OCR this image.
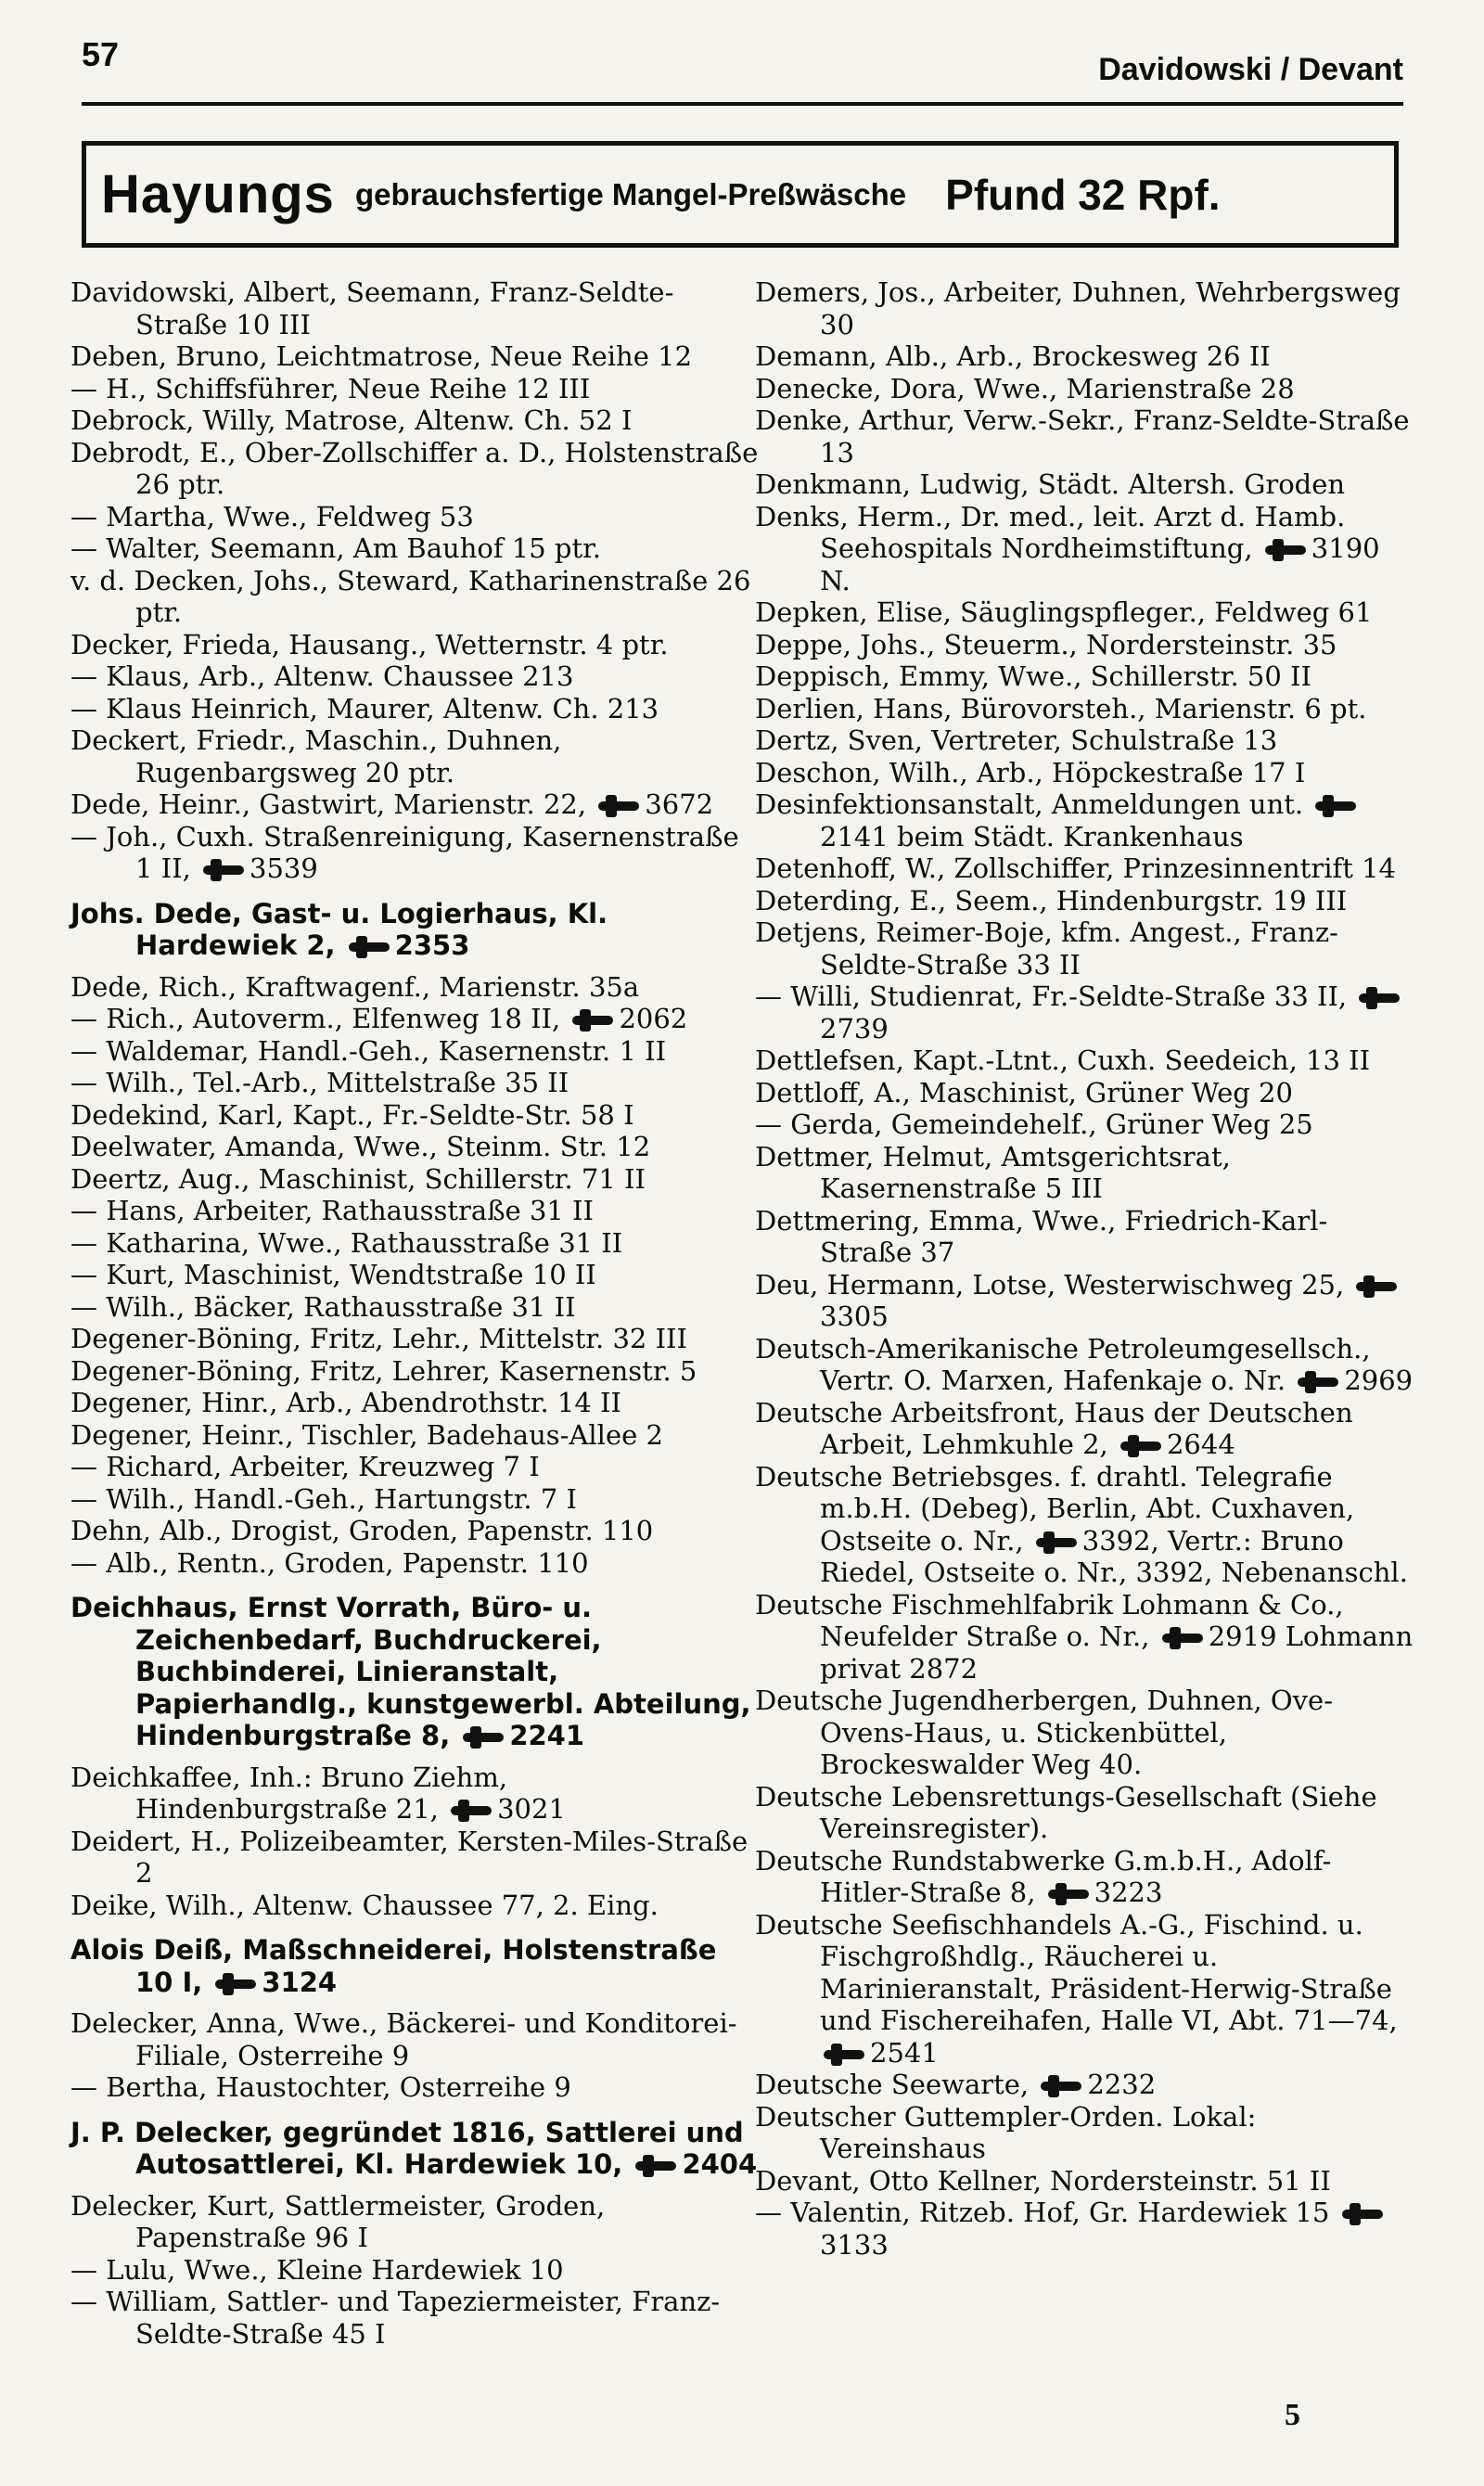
57	Davidowski / Devant
Hayungs gebrauchsfertige Mangel-Preßwäsche Pfund 32 Rpf.
Davidowski, Albert, Seemann, Franz-Seldte-Straße 10 III
Deben, Bruno, Leichtmatrose, Neue Reihe 12
— H., Schiffsführer, Neue Reihe 12 III
Debrock, Willy, Matrose, Altenw. Ch. 52 I
Debrodt, E., Ober-Zollschiffer a. D., Holstenstraße 26 ptr.
— Martha, Wwe., Feldweg 53
— Walter, Seemann, Am Bauhof 15 ptr.
v. d. Decken, Johs., Steward, Katharinenstraße 26 ptr.
Decker, Frieda, Hausang., Wetternstr. 4 ptr.
— Klaus, Arb., Altenw. Chaussee 213
— Klaus Heinrich, Maurer, Altenw. Ch. 213
Deckert, Friedr., Maschin., Duhnen, Rugenbargsweg 20 ptr.
Dede, Heinr., Gastwirt, Marienstr. 22, 3672
— Joh., Cuxh. Straßenreinigung, Kasernenstraße 1 II, 3539
Johs. Dede, Gast- u. Logierhaus, Kl. Hardewiek 2, 2353
Dede, Rich., Kraftwagenf., Marienstr. 35a
— Rich., Autoverm., Elfenweg 18 II, 2062
— Waldemar, Handl.-Geh., Kasernenstr. 1 II
— Wilh., Tel.-Arb., Mittelstraße 35 II
Dedekind, Karl, Kapt., Fr.-Seldte-Str. 58 I
Deelwater, Amanda, Wwe., Steinm. Str. 12
Deertz, Aug., Maschinist, Schillerstr. 71 II
— Hans, Arbeiter, Rathausstraße 31 II
— Katharina, Wwe., Rathausstraße 31 II
— Kurt, Maschinist, Wendtstraße 10 II
— Wilh., Bäcker, Rathausstraße 31 II
Degener-Böning, Fritz, Lehr., Mittelstr. 32 III
Degener-Böning, Fritz, Lehrer, Kasernenstr. 5
Degener, Hinr., Arb., Abendrothstr. 14 II
Degener, Heinr., Tischler, Badehaus-Allee 2
— Richard, Arbeiter, Kreuzweg 7 I
— Wilh., Handl.-Geh., Hartungstr. 7 I
Dehn, Alb., Drogist, Groden, Papenstr. 110
— Alb., Rentn., Groden, Papenstr. 110
Deichhaus, Ernst Vorrath, Büro- u. Zeichenbedarf, Buchdruckerei, Buchbinderei, Linieranstalt, Papierhandlg., kunstgewerbl. Abteilung, Hindenburgstraße 8, 2241
Deichkaffee, Inh.: Bruno Ziehm, Hindenburgstraße 21, 3021
Deidert, H., Polizeibeamter, Kersten-Miles-Straße 2
Deike, Wilh., Altenw. Chaussee 77, 2. Eing.
Alois Deiß, Maßschneiderei, Holstenstraße 10 I, 3124
Delecker, Anna, Wwe., Bäckerei- und Konditorei-Filiale, Osterreihe 9
— Bertha, Haustochter, Osterreihe 9
J. P. Delecker, gegründet 1816, Sattlerei und Autosattlerei, Kl. Hardewiek 10, 2404
Delecker, Kurt, Sattlermeister, Groden, Papenstraße 96 I
— Lulu, Wwe., Kleine Hardewiek 10
— William, Sattler- und Tapeziermeister, Franz-Seldte-Straße 45 I
Demers, Jos., Arbeiter, Duhnen, Wehrbergsweg 30
Demann, Alb., Arb., Brockesweg 26 II
Denecke, Dora, Wwe., Marienstraße 28
Denke, Arthur, Verw.-Sekr., Franz-Seldte-Straße 13
Denkmann, Ludwig, Städt. Altersh. Groden
Denks, Herm., Dr. med., leit. Arzt d. Hamb. Seehospitals Nordheimstiftung, 3190 N.
Depken, Elise, Säuglingspfleger., Feldweg 61
Deppe, Johs., Steuerm., Nordersteinstr. 35
Deppisch, Emmy, Wwe., Schillerstr. 50 II
Derlien, Hans, Bürovorsteh., Marienstr. 6 pt.
Dertz, Sven, Vertreter, Schulstraße 13
Deschon, Wilh., Arb., Höpckestraße 17 I
Desinfektionsanstalt, Anmeldungen unt. 2141 beim Städt. Krankenhaus
Detenhoff, W., Zollschiffer, Prinzesinnentrift 14
Deterding, E., Seem., Hindenburgstr. 19 III
Detjens, Reimer-Boje, kfm. Angest., Franz-Seldte-Straße 33 II
— Willi, Studienrat, Fr.-Seldte-Straße 33 II, 2739
Dettlefsen, Kapt.-Ltnt., Cuxh. Seedeich, 13 II
Dettloff, A., Maschinist, Grüner Weg 20
— Gerda, Gemeindehelf., Grüner Weg 25
Dettmer, Helmut, Amtsgerichtsrat, Kasernenstraße 5 III
Dettmering, Emma, Wwe., Friedrich-Karl-Straße 37
Deu, Hermann, Lotse, Westerwischweg 25, 3305
Deutsch-Amerikanische Petroleumgesellsch., Vertr. O. Marxen, Hafenkaje o. Nr. 2969
Deutsche Arbeitsfront, Haus der Deutschen Arbeit, Lehmkuhle 2, 2644
Deutsche Betriebsges. f. drahtl. Telegrafie m.b.H. (Debeg), Berlin, Abt. Cuxhaven, Ostseite o. Nr., 3392, Vertr.: Bruno Riedel, Ostseite o. Nr., 3392, Nebenanschl.
Deutsche Fischmehlfabrik Lohmann & Co., Neufelder Straße o. Nr., 2919 Lohmann privat 2872
Deutsche Jugendherbergen, Duhnen, Ove-Ovens-Haus, u. Stickenbüttel, Brockeswalder Weg 40.
Deutsche Lebensrettungs-Gesellschaft (Siehe Vereinsregister).
Deutsche Rundstabwerke G.m.b.H., Adolf-Hitler-Straße 8, 3223
Deutsche Seefischhandels A.-G., Fischind. u. Fischgroßhdlg., Räucherei u. Marinieranstalt, Präsident-Herwig-Straße und Fischereihafen, Halle VI, Abt. 71—74, 2541
Deutsche Seewarte, 2232
Deutscher Guttempler-Orden. Lokal: Vereinshaus
Devant, Otto Kellner, Nordersteinstr. 51 II
— Valentin, Ritzeb. Hof, Gr. Hardewiek 15 3133
5
